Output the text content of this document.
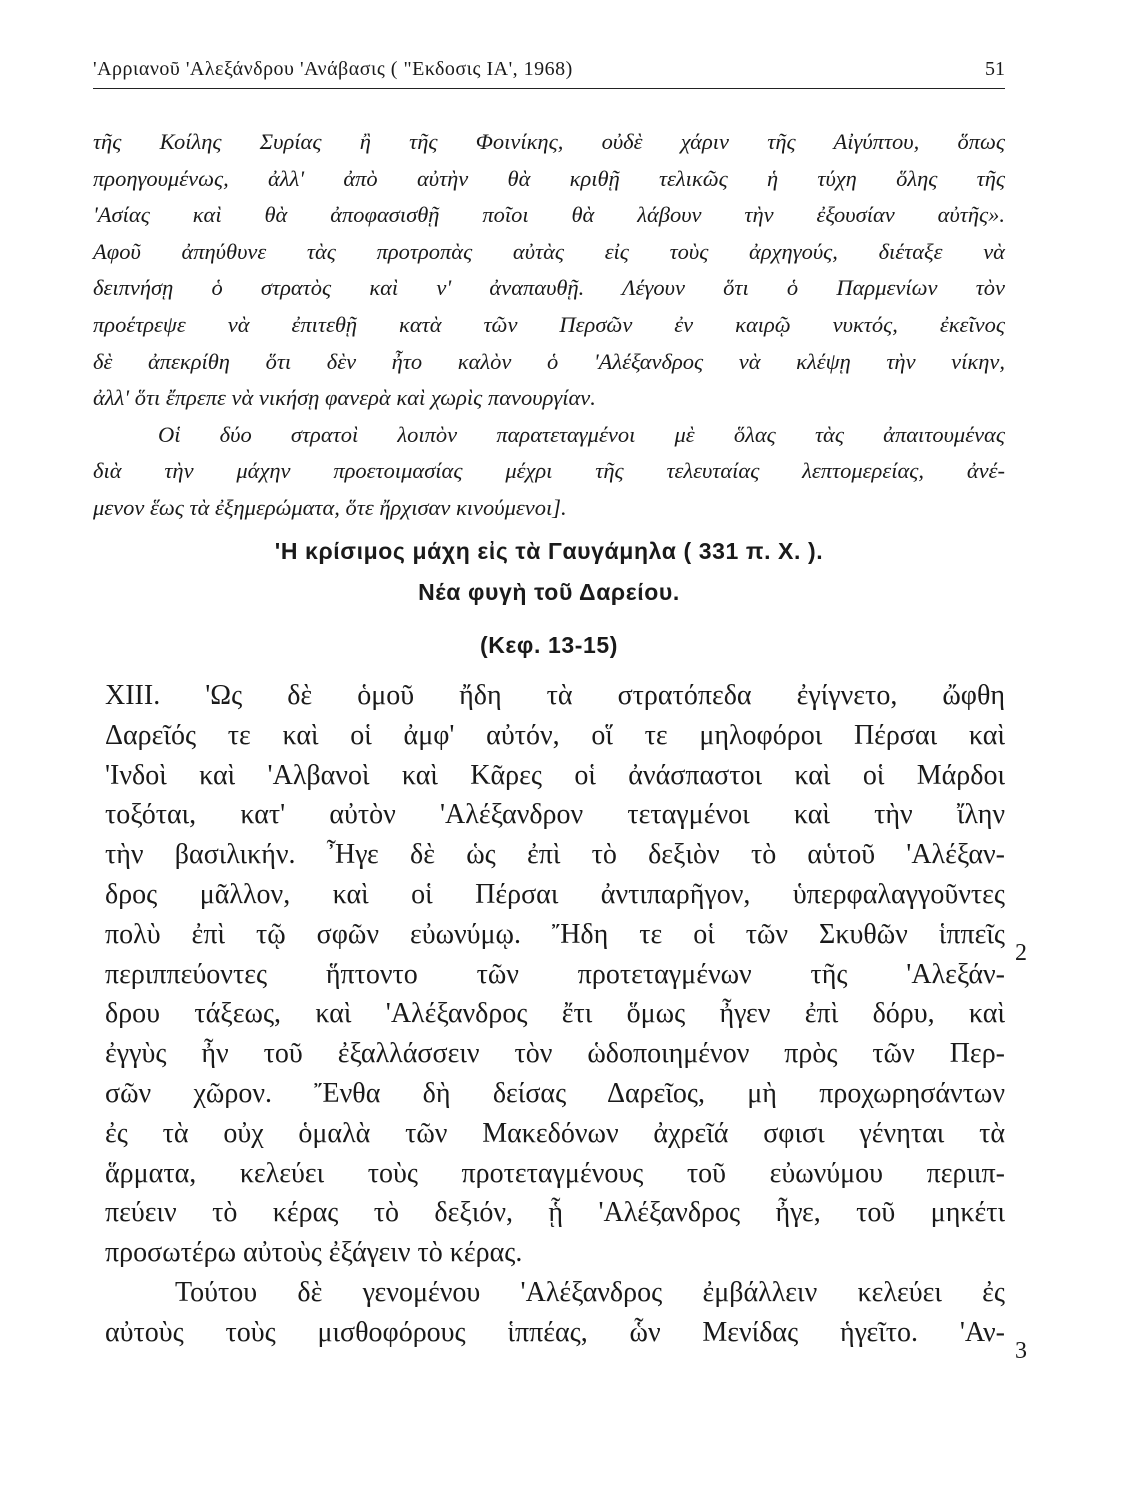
'Αρριανοῦ 'Αλεξάνδρου 'Ανάβασις ( "Εκδοσις ΙΑ', 1968)	51
τῆς Κοίλης Συρίας ἢ τῆς Φοινίκης, οὐδὲ χάριν τῆς Αἰγύπτου, ὅπως
προηγουμένως, ἀλλ' ἀπὸ αὐτὴν θὰ κριθῇ τελικῶς ἡ τύχη ὅλης τῆς
'Ασίας καὶ θὰ ἀποφασισθῇ ποῖοι θὰ λάβουν τὴν ἐξουσίαν αὐτῆς».
Αφοῦ ἀπηύθυνε τὰς προτροπὰς αὐτὰς εἰς τοὺς ἀρχηγούς, διέταξε νὰ
δειπνήσῃ ὁ στρατὸς καὶ ν' ἀναπαυθῇ. Λέγουν ὅτι ὁ Παρμενίων τὸν
προέτρεψε νὰ ἐπιτεθῇ κατὰ τῶν Περσῶν ἐν καιρῷ νυκτός, ἐκεῖνος
δὲ ἀπεκρίθη ὅτι δὲν ἦτο καλὸν ὁ 'Αλέξανδρος νὰ κλέψῃ τὴν νίκην,
ἀλλ' ὅτι ἔπρεπε νὰ νικήσῃ φανερὰ καὶ χωρὶς πανουργίαν.
Οἱ δύο στρατοὶ λοιπὸν παρατεταγμένοι μὲ ὅλας τὰς ἀπαιτουμένας
διὰ τὴν μάχην προετοιμασίας μέχρι τῆς τελευταίας λεπτομερείας, ἀνέ-
μενον ἕως τὰ ἐξημερώματα, ὅτε ἤρχισαν κινούμενοι].
'Η κρίσιμος μάχη εἰς τὰ Γαυγάμηλα ( 331 π. Χ. ).
Νέα φυγὴ τοῦ Δαρείου.
(Κεφ. 13-15)
XIII. 'Ως δὲ ὁμοῦ ἤδη τὰ στρατόπεδα ἐγίγνετο, ὤφθη
Δαρεῖός τε καὶ οἱ ἀμφ' αὐτόν, οἵ τε μηλοφόροι Πέρσαι καὶ
'Ινδοὶ καὶ 'Αλβανοὶ καὶ Κᾶρες οἱ ἀνάσπαστοι καὶ οἱ Μάρδοι
τοξόται, κατ' αὐτὸν 'Αλέξανδρον τεταγμένοι καὶ τὴν ἴλην
τὴν βασιλικήν. Ἦγε δὲ ὡς ἐπὶ τὸ δεξιὸν τὸ αὑτοῦ 'Αλέξαν-
δρος μᾶλλον, καὶ οἱ Πέρσαι ἀντιπαρῆγον, ὑπερφαλαγγοῦντες
πολὺ ἐπὶ τῷ σφῶν εὐωνύμῳ. Ἤδη τε οἱ τῶν Σκυθῶν ἱππεῖς
περιππεύοντες ἥπτοντο τῶν προτεταγμένων τῆς 'Αλεξάν-
δρου τάξεως, καὶ 'Αλέξανδρος ἔτι ὅμως ἦγεν ἐπὶ δόρυ, καὶ
ἐγγὺς ἦν τοῦ ἐξαλλάσσειν τὸν ὡδοποιημένον πρὸς τῶν Περ-
σῶν χῶρον. Ἔνθα δὴ δείσας Δαρεῖος, μὴ προχωρησάντων
ἐς τὰ οὐχ ὁμαλὰ τῶν Μακεδόνων ἀχρεῖά σφισι γένηται τὰ
ἅρματα, κελεύει τοὺς προτεταγμένους τοῦ εὐωνύμου περιιπ-
πεύειν τὸ κέρας τὸ δεξιόν, ᾗ 'Αλέξανδρος ἦγε, τοῦ μηκέτι
προσωτέρω αὐτοὺς ἐξάγειν τὸ κέρας.
Τούτου δὲ γενομένου 'Αλέξανδρος ἐμβάλλειν κελεύει ἐς
αὐτοὺς τοὺς μισθοφόρους ἱππέας, ὧν Μενίδας ἡγεῖτο. 'Αν-
2
3
